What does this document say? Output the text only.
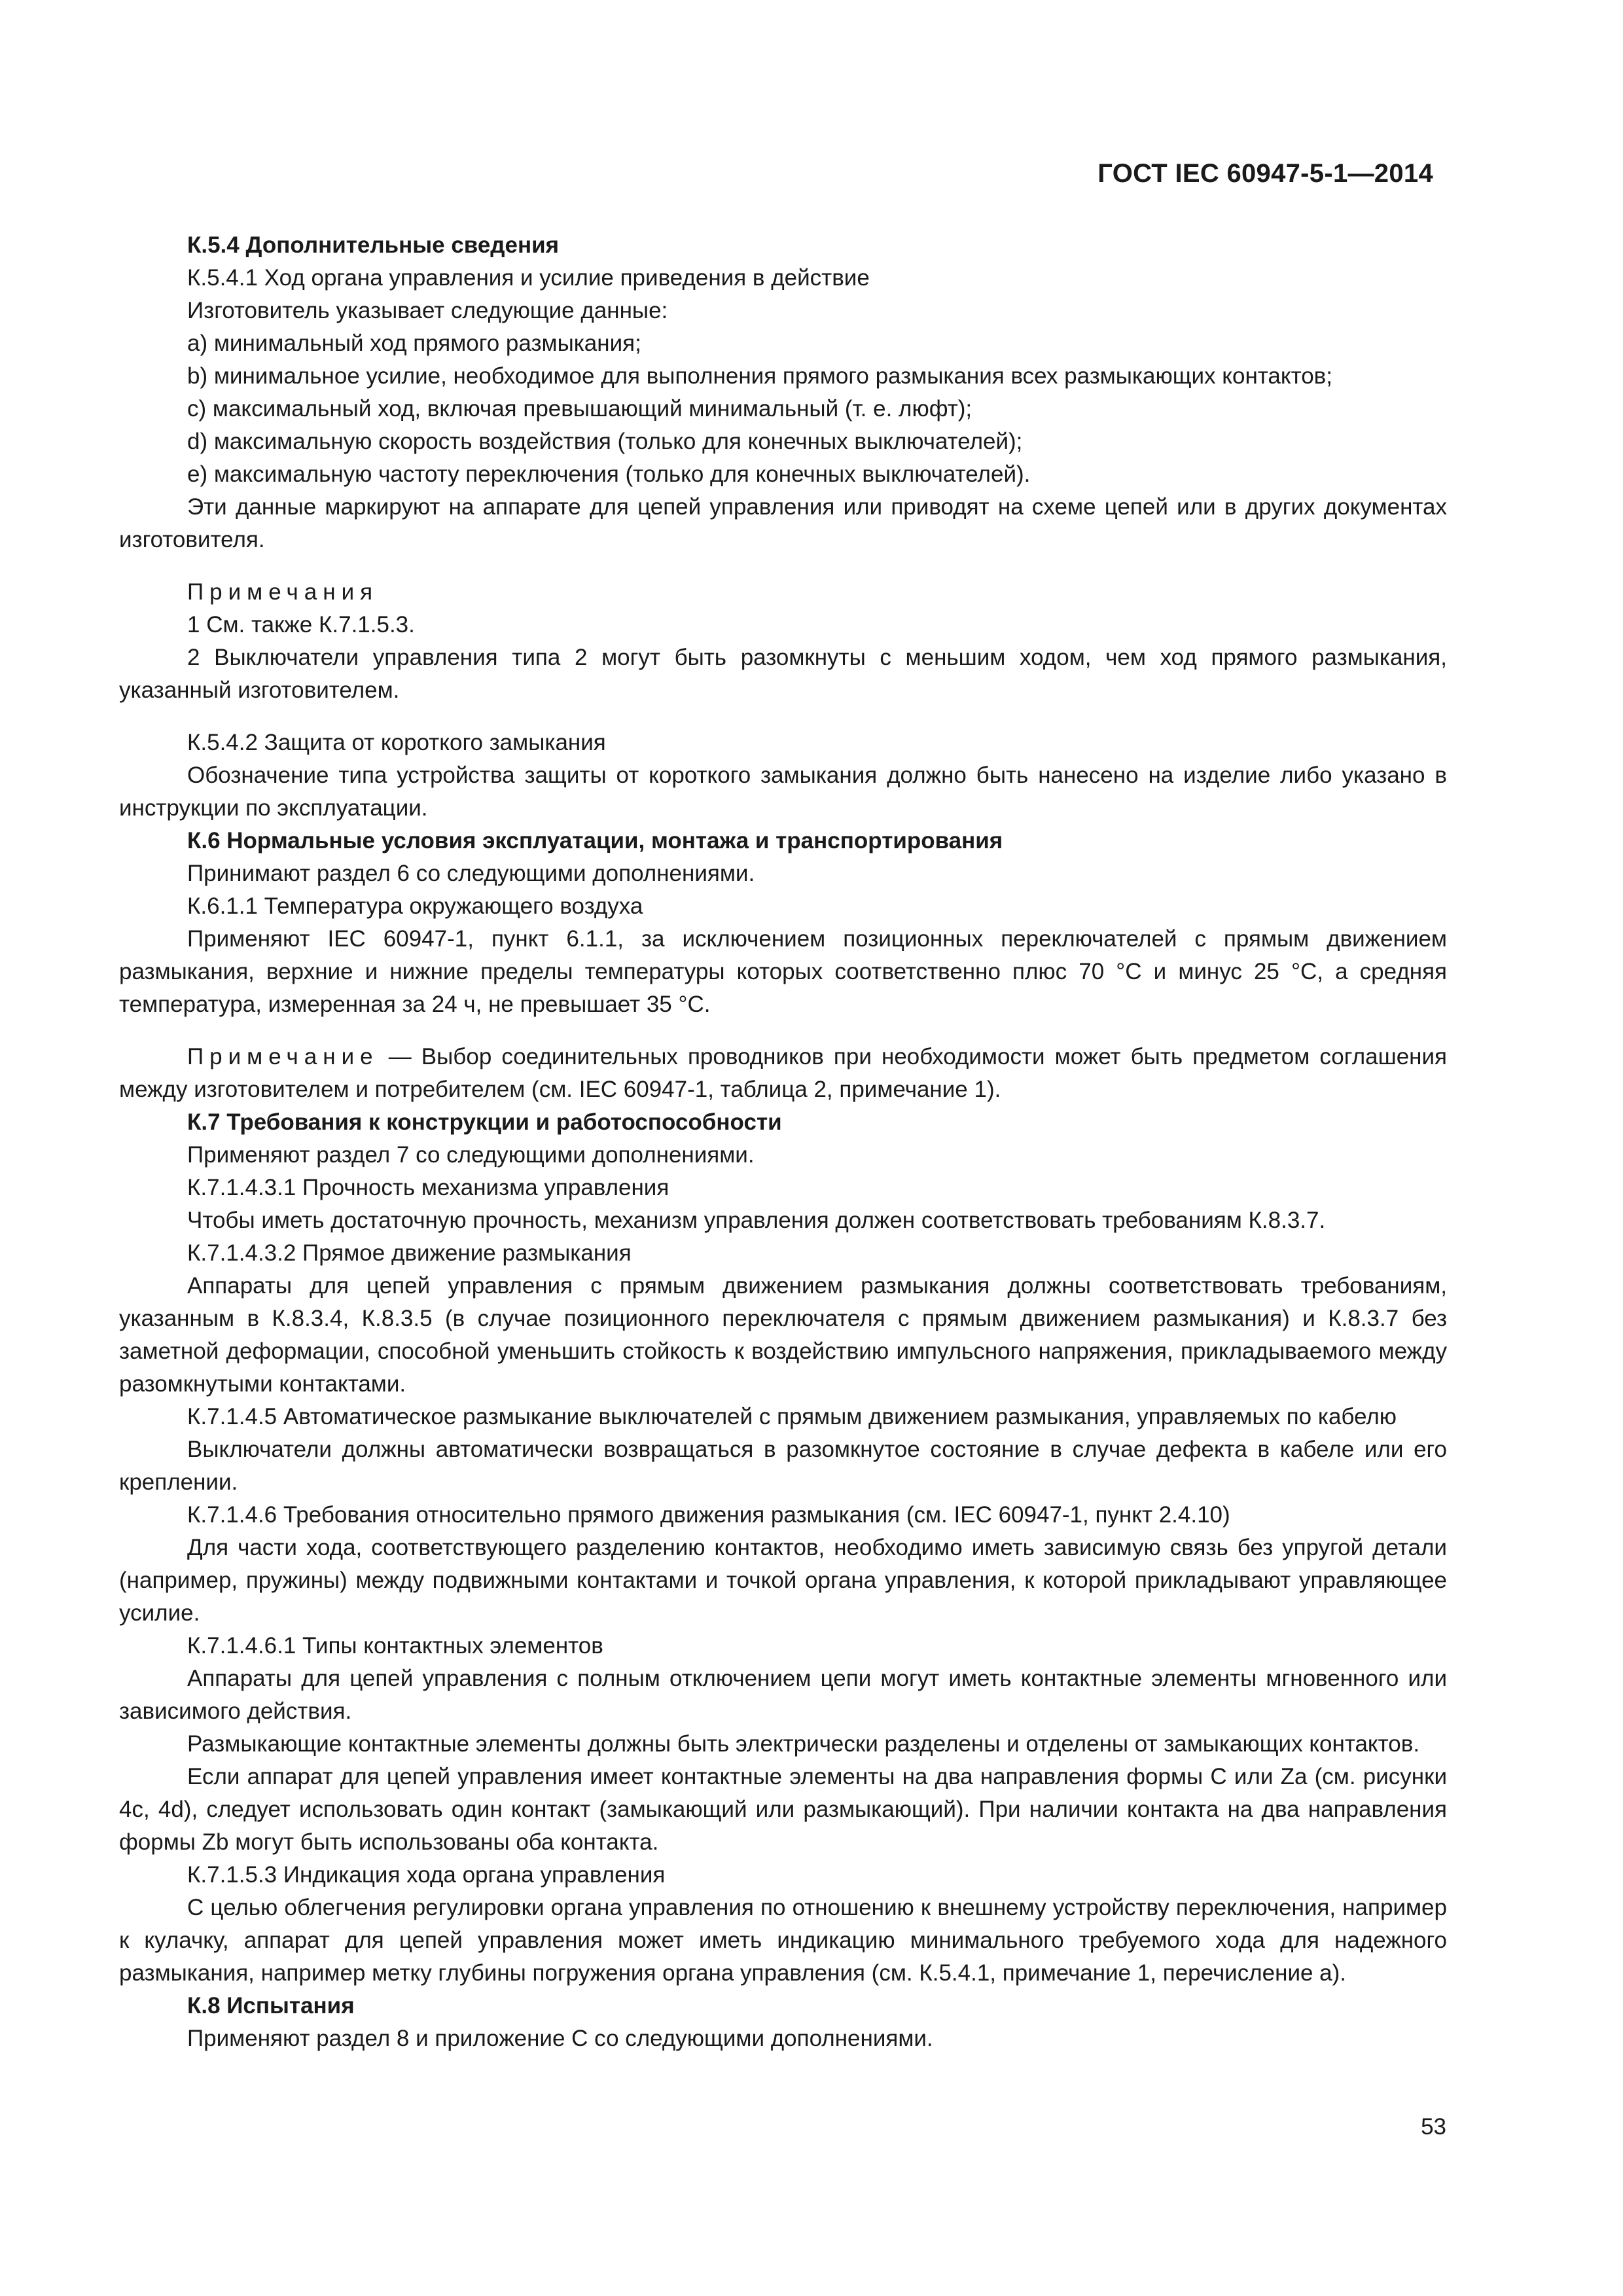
ГОСТ IEC 60947-5-1—2014

К.5.4 Дополнительные сведения

К.5.4.1 Ход органа управления и усилие приведения в действие

Изготовитель указывает следующие данные:

a) минимальный ход прямого размыкания;

b) минимальное усилие, необходимое для выполнения прямого размыкания всех размыкающих контактов;

c) максимальный ход, включая превышающий минимальный (т. е. люфт);

d) максимальную скорость воздействия (только для конечных выключателей);

e) максимальную частоту переключения (только для конечных выключателей).

Эти данные маркируют на аппарате для цепей управления или приводят на схеме цепей или в других документах изготовителя.

Примечания

1 См. также К.7.1.5.3.

2 Выключатели управления типа 2 могут быть разомкнуты с меньшим ходом, чем ход прямого размыкания, указанный изготовителем.

К.5.4.2 Защита от короткого замыкания

Обозначение типа устройства защиты от короткого замыкания должно быть нанесено на изделие либо указано в инструкции по эксплуатации.

К.6 Нормальные условия эксплуатации, монтажа и транспортирования

Принимают раздел 6 со следующими дополнениями.

К.6.1.1 Температура окружающего воздуха

Применяют IEC 60947-1, пункт 6.1.1, за исключением позиционных переключателей с прямым движением размыкания, верхние и нижние пределы температуры которых соответственно плюс 70 °С и минус 25 °С, а средняя температура, измеренная за 24 ч, не превышает 35 °С.

Примечание — Выбор соединительных проводников при необходимости может быть предметом соглашения между изготовителем и потребителем (см. IEC 60947-1, таблица 2, примечание 1).

К.7 Требования к конструкции и работоспособности

Применяют раздел 7 со следующими дополнениями.

К.7.1.4.3.1 Прочность механизма управления

Чтобы иметь достаточную прочность, механизм управления должен соответствовать требованиям К.8.3.7.

К.7.1.4.3.2 Прямое движение размыкания

Аппараты для цепей управления с прямым движением размыкания должны соответствовать требованиям, указанным в К.8.3.4, К.8.3.5 (в случае позиционного переключателя с прямым движением размыкания) и К.8.3.7 без заметной деформации, способной уменьшить стойкость к воздействию импульсного напряжения, прикладываемого между разомкнутыми контактами.

К.7.1.4.5 Автоматическое размыкание выключателей с прямым движением размыкания, управляемых по кабелю

Выключатели должны автоматически возвращаться в разомкнутое состояние в случае дефекта в кабеле или его креплении.

К.7.1.4.6 Требования относительно прямого движения размыкания (см. IEC 60947-1, пункт 2.4.10)

Для части хода, соответствующего разделению контактов, необходимо иметь зависимую связь без упругой детали (например, пружины) между подвижными контактами и точкой органа управления, к которой прикладывают управляющее усилие.

К.7.1.4.6.1 Типы контактных элементов

Аппараты для цепей управления с полным отключением цепи могут иметь контактные элементы мгновенного или зависимого действия.

Размыкающие контактные элементы должны быть электрически разделены и отделены от замыкающих контактов.

Если аппарат для цепей управления имеет контактные элементы на два направления формы С или Za (см. рисунки 4с, 4d), следует использовать один контакт (замыкающий или размыкающий). При наличии контакта на два направления формы Zb могут быть использованы оба контакта.

К.7.1.5.3 Индикация хода органа управления

С целью облегчения регулировки органа управления по отношению к внешнему устройству переключения, например к кулачку, аппарат для цепей управления может иметь индикацию минимального требуемого хода для надежного размыкания, например метку глубины погружения органа управления (см. К.5.4.1, примечание 1, перечисление а).

К.8 Испытания

Применяют раздел 8 и приложение С со следующими дополнениями.

53
